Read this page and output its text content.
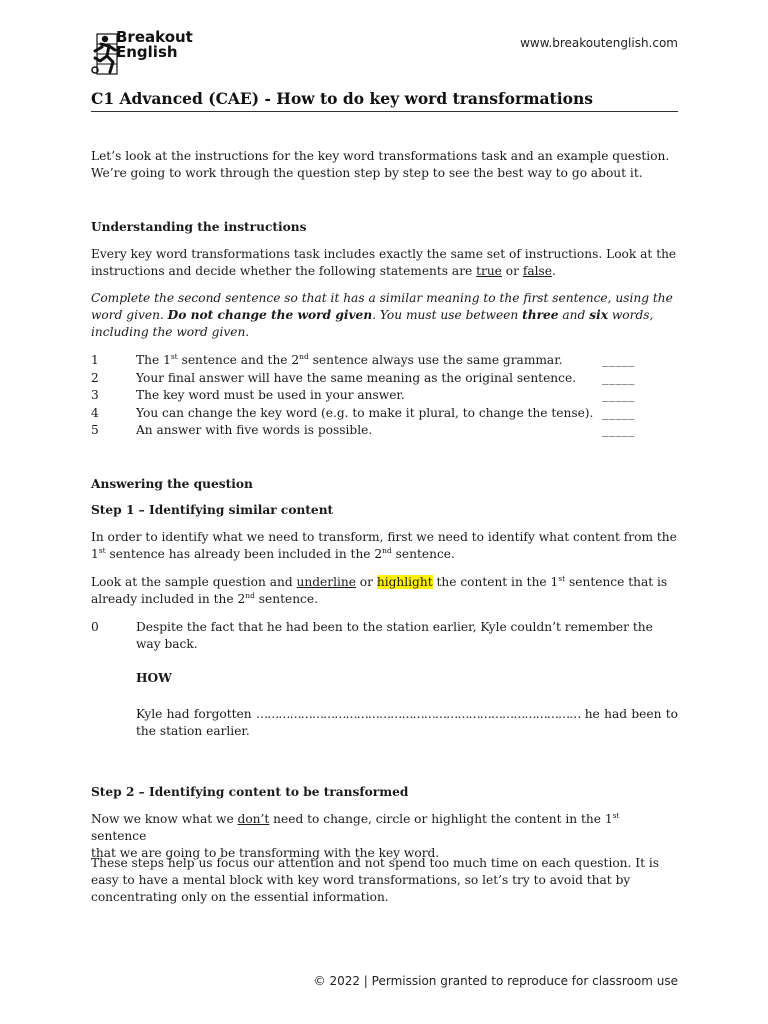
Breakout
English	www.breakoutenglish.com
C1 Advanced (CAE) - How to do key word transformations

Let’s look at the instructions for the key word transformations task and an example question.
We’re going to work through the question step by step to see the best way to go about it.

Understanding the instructions

Every key word transformations task includes exactly the same set of instructions. Look at the
instructions and decide whether the following statements are true or false.

Complete the second sentence so that it has a similar meaning to the first sentence, using the word given. Do not change the word given. You must use between three and six words, including the word given.

1	The 1st sentence and the 2nd sentence always use the same grammar.	_____
2	Your final answer will have the same meaning as the original sentence. _____
3	The key word must be used in your answer.	_____
4	You can change the key word (e.g. to make it plural, to change the tense). _____
5	An answer with five words is possible.	_____

Answering the question

Step 1 – Identifying similar content

In order to identify what we need to transform, first we need to identify what content from the
1st sentence has already been included in the 2nd sentence.

Look at the sample question and underline or highlight the content in the 1st sentence that is
already included in the 2nd sentence.

0	Despite the fact that he had been to the station earlier, Kyle couldn’t remember the way back.

HOW

Kyle had forgotten …………………………………………………………………………… he had been to the station earlier.

Step 2 – Identifying content to be transformed

Now we know what we don’t need to change, circle or highlight the content in the 1st sentence
that we are going to be transforming with the key word.

These steps help us focus our attention and not spend too much time on each question. It is
easy to have a mental block with key word transformations, so let’s try to avoid that by
concentrating only on the essential information.

© 2022 | Permission granted to reproduce for classroom use
